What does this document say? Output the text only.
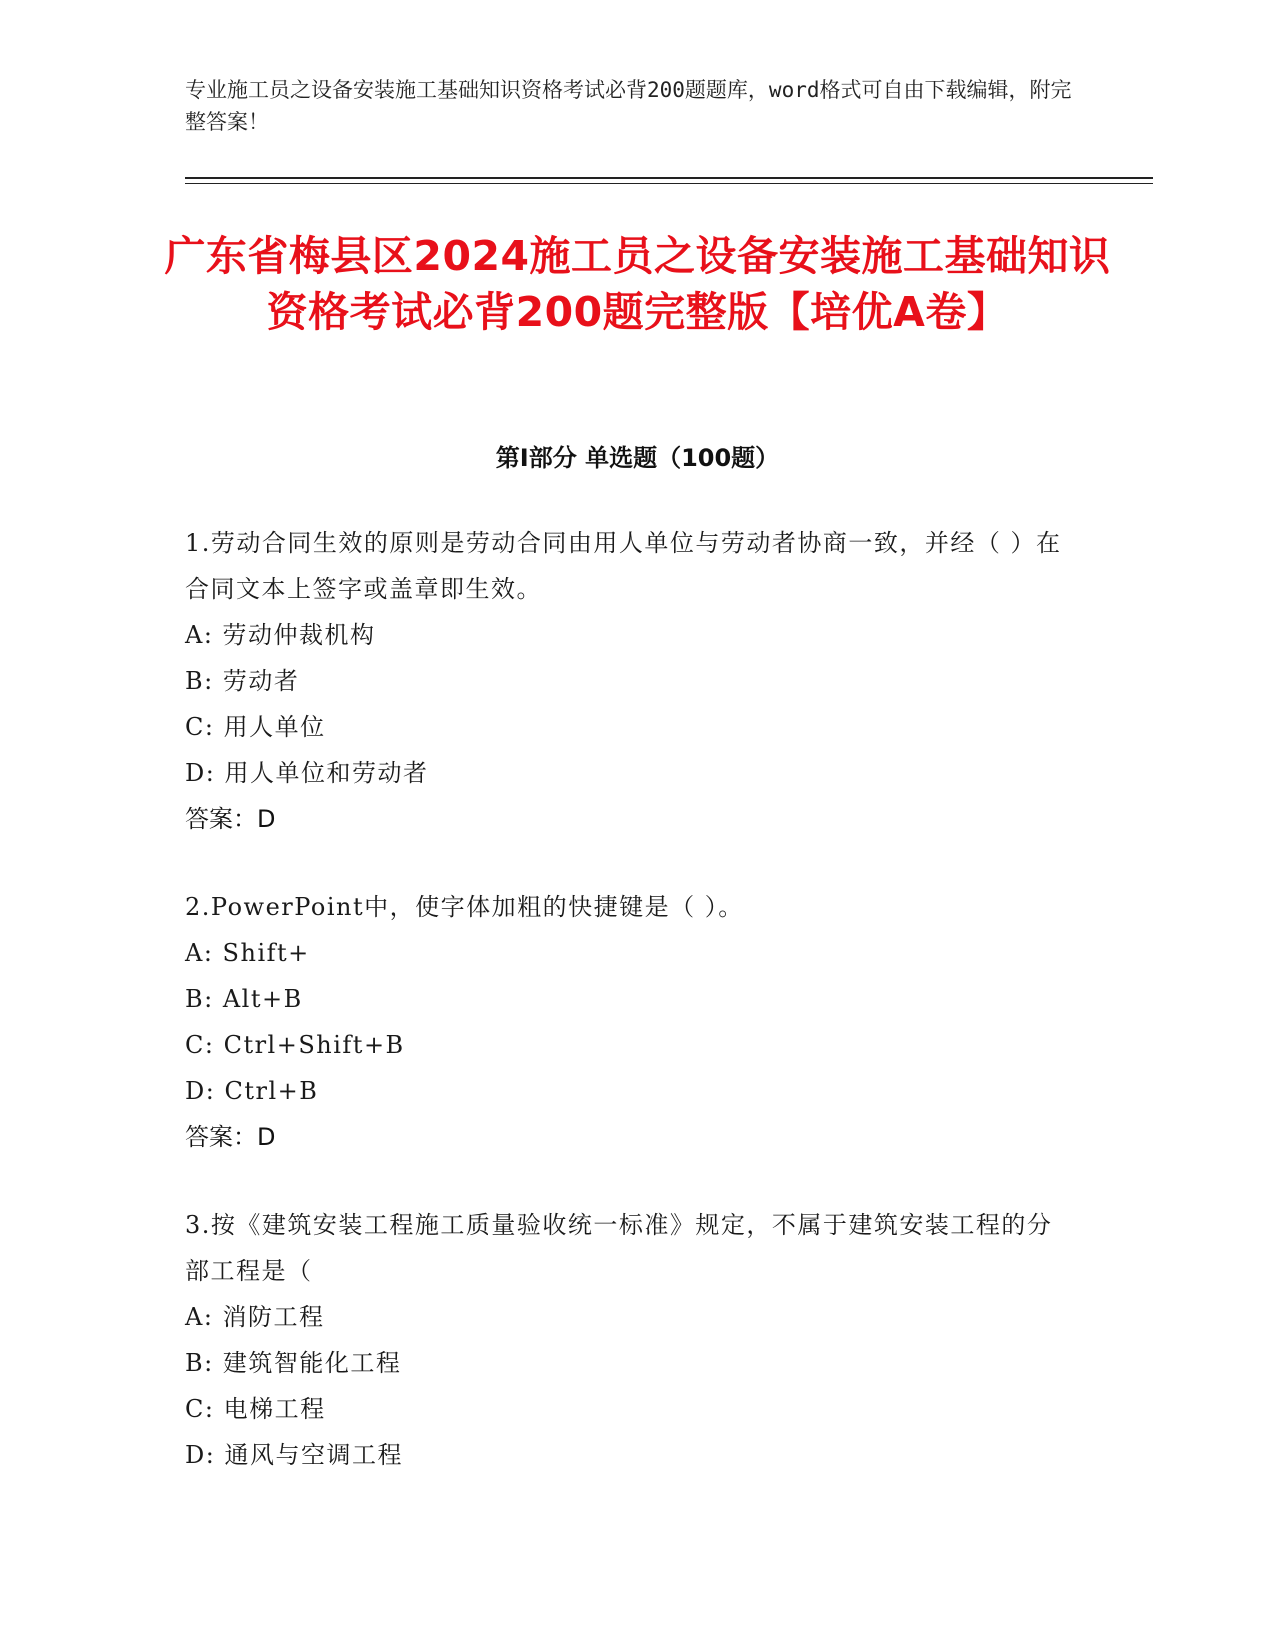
专业施工员之设备安装施工基础知识资格考试必背200题题库，word格式可自由下载编辑，附完整答案！
广东省梅县区2024施工员之设备安装施工基础知识资格考试必背200题完整版【培优A卷】
第I部分 单选题（100题）
1.劳动合同生效的原则是劳动合同由用人单位与劳动者协商一致，并经（ ）在合同文本上签字或盖章即生效。
A: 劳动仲裁机构
B: 劳动者
C: 用人单位
D: 用人单位和劳动者
答案：D
2.PowerPoint中，使字体加粗的快捷键是（ ）。
A: Shift+
B: Alt+B
C: Ctrl+Shift+B
D: Ctrl+B
答案：D
3.按《建筑安装工程施工质量验收统一标准》规定，不属于建筑安装工程的分部工程是（
A: 消防工程
B: 建筑智能化工程
C: 电梯工程
D: 通风与空调工程
